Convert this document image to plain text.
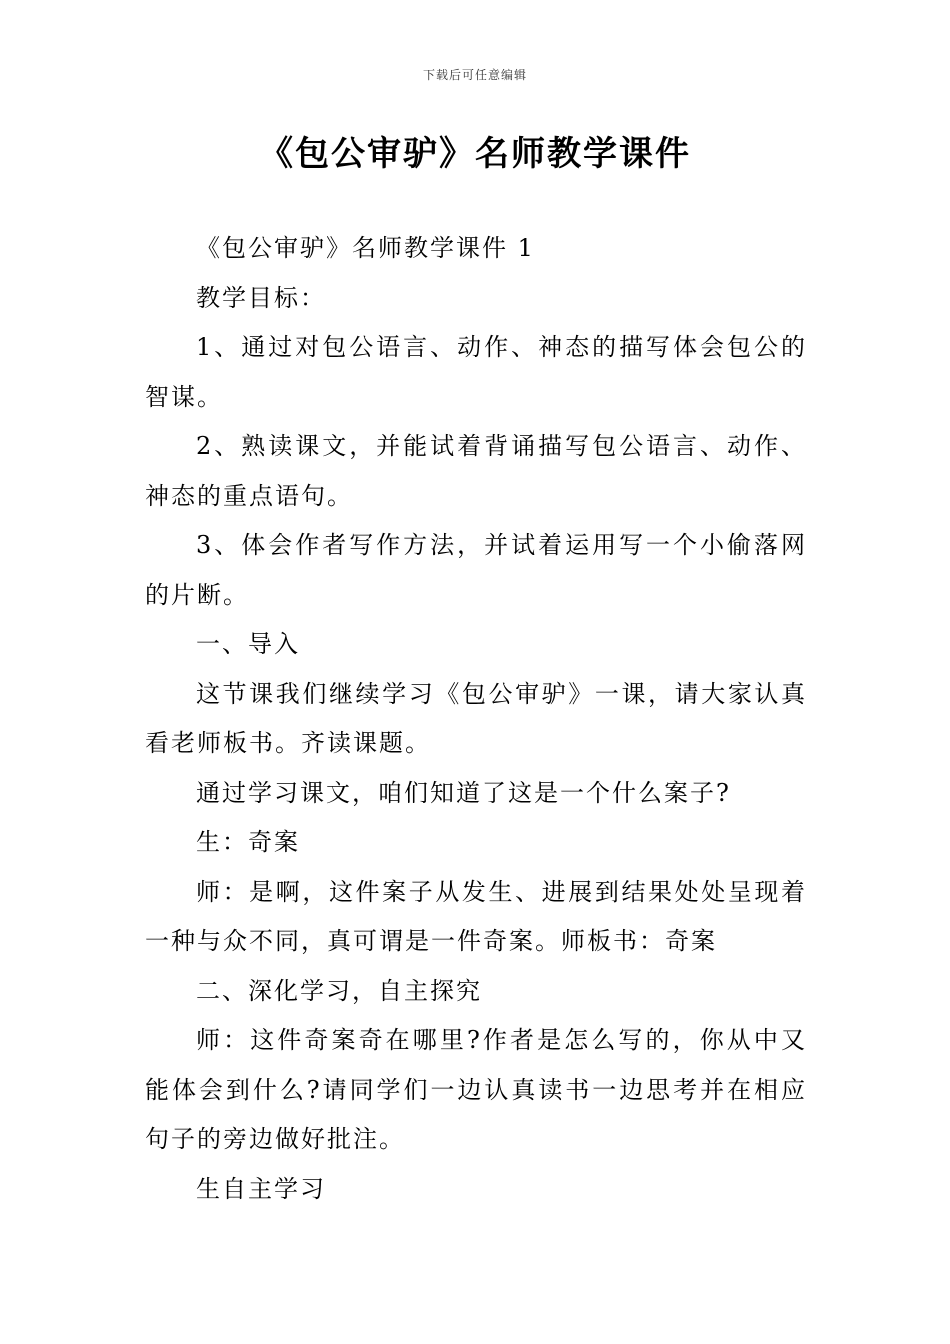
下载后可任意编辑
《包公审驴》名师教学课件

《包公审驴》名师教学课件 1

教学目标：

1、通过对包公语言、动作、神态的描写体会包公的智谋。

2、熟读课文，并能试着背诵描写包公语言、动作、神态的重点语句。

3、体会作者写作方法，并试着运用写一个小偷落网的片断。

一、导入

这节课我们继续学习《包公审驴》一课，请大家认真看老师板书。齐读课题。

通过学习课文，咱们知道了这是一个什么案子?

生：奇案

师：是啊，这件案子从发生、进展到结果处处呈现着一种与众不同，真可谓是一件奇案。师板书：奇案

二、深化学习，自主探究

师：这件奇案奇在哪里?作者是怎么写的，你从中又能体会到什么?请同学们一边认真读书一边思考并在相应句子的旁边做好批注。

生自主学习
